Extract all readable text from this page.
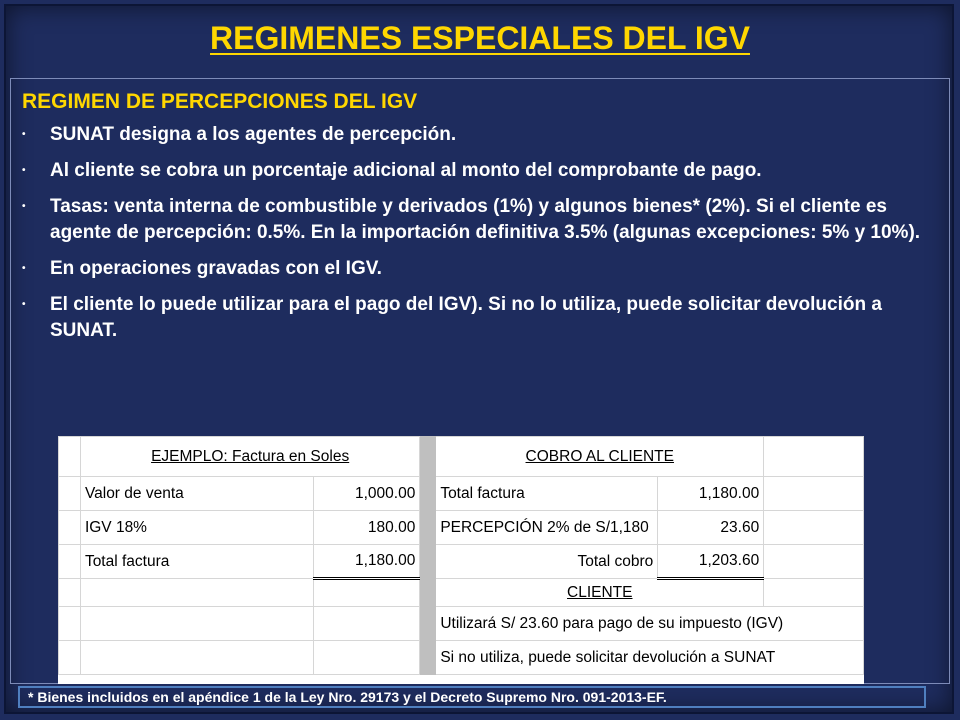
REGIMENES ESPECIALES DEL IGV
REGIMEN DE PERCEPCIONES DEL IGV
• SUNAT designa a los agentes de percepción.
• Al cliente se cobra un porcentaje adicional al monto del comprobante de pago.
• Tasas: venta interna de combustible y derivados (1%) y algunos bienes* (2%). Si el cliente es agente de percepción: 0.5%. En la importación definitiva 3.5% (algunas excepciones: 5% y 10%).
• En operaciones gravadas con el IGV.
• El cliente lo puede utilizar para el pago del IGV). Si no lo utiliza, puede solicitar devolución a SUNAT.
	EJEMPLO: Factura en Soles			COBRO AL CLIENTE		
	Valor de venta	1,000.00		Total factura	1,180.00	
	IGV 18%	180.00		PERCEPCIÓN 2% de S/1,180	23.60	
	Total factura	1,180.00		Total cobro	1,203.60	
				CLIENTE		
				Utilizará S/ 23.60 para pago de su impuesto (IGV)		
				Si no utiliza, puede solicitar devolución a SUNAT		
* Bienes incluidos en el apéndice 1 de la Ley Nro. 29173 y el Decreto Supremo Nro. 091-2013-EF.
